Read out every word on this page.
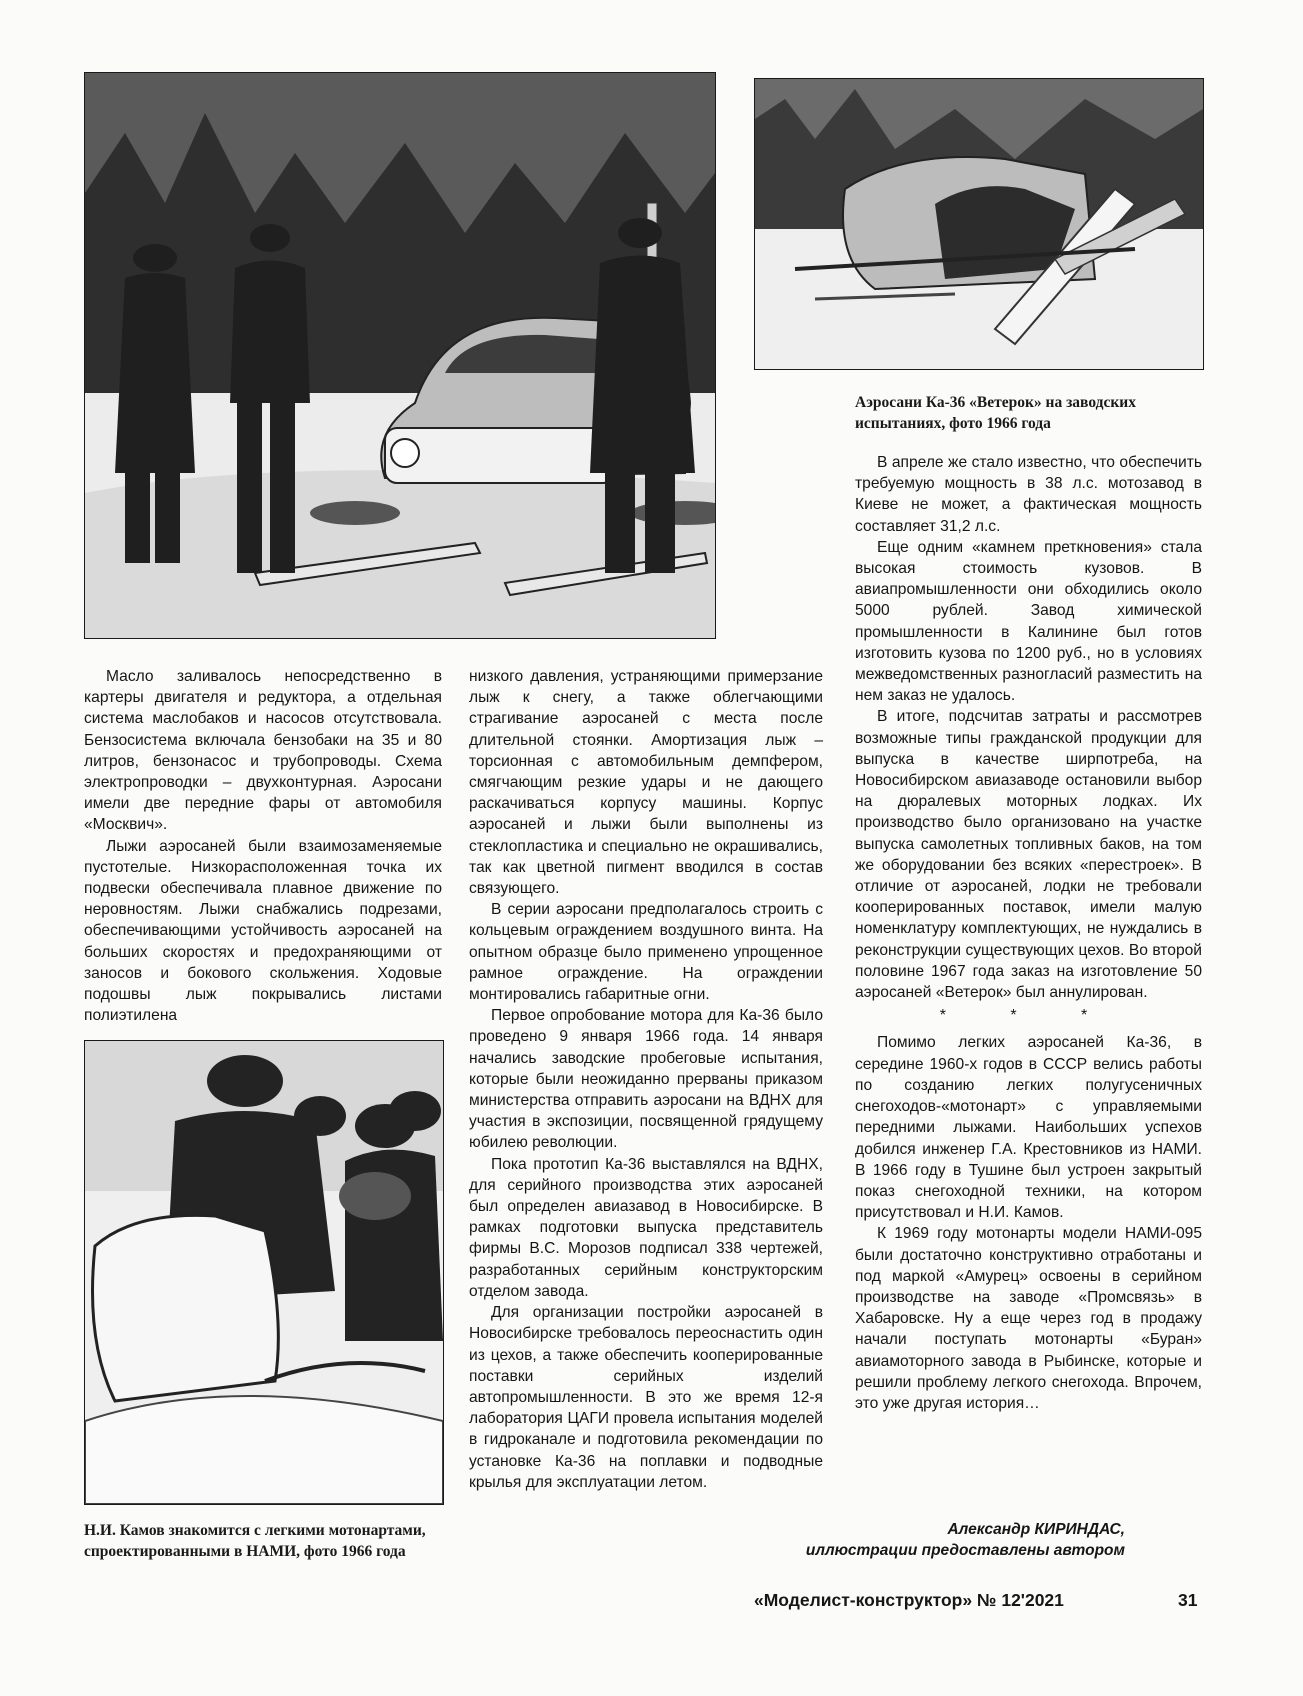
Аэросани Ка-36 «Ветерок» на заводских испытаниях, фото 1966 года
Н.И. Камов знакомится с легкими мотонартами, спроектированными в НАМИ, фото 1966 года

Масло заливалось непосредственно в картеры двигателя и редуктора, а отдельная система маслобаков и насосов отсутствовала. Бензосистема включала бензобаки на 35 и 80 литров, бензонасос и трубопроводы. Схема электропроводки – двухконтурная. Аэросани имели две передние фары от автомобиля «Москвич».

Лыжи аэросаней были взаимозаменяемые пустотелые. Низкорасположенная точка их подвески обеспечивала плавное движение по неровностям. Лыжи снабжались подрезами, обеспечивающими устойчивость аэросаней на больших скоростях и предохраняющими от заносов и бокового скольжения. Ходовые подошвы лыж покрывались листами полиэтилена

низкого давления, устраняющими примерзание лыж к снегу, а также облегчающими страгивание аэросаней с места после длительной стоянки. Амортизация лыж – торсионная с автомобильным демпфером, смягчающим резкие удары и не дающего раскачиваться корпусу машины. Корпус аэросаней и лыжи были выполнены из стеклопластика и специально не окрашивались, так как цветной пигмент вводился в состав связующего.

В серии аэросани предполагалось строить с кольцевым ограждением воздушного винта. На опытном образце было применено упрощенное рамное ограждение. На ограждении монтировались габаритные огни.

Первое опробование мотора для Ка-36 было проведено 9 января 1966 года. 14 января начались заводские пробеговые испытания, которые были неожиданно прерваны приказом министерства отправить аэросани на ВДНХ для участия в экспозиции, посвященной грядущему юбилею революции.

Пока прототип Ка-36 выставлялся на ВДНХ, для серийного производства этих аэросаней был определен авиазавод в Новосибирске. В рамках подготовки выпуска представитель фирмы В.С. Морозов подписал 338 чертежей, разработанных серийным конструкторским отделом завода.

Для организации постройки аэросаней в Новосибирске требовалось переоснастить один из цехов, а также обеспечить кооперированные поставки серийных изделий автопромышленности. В это же время 12-я лаборатория ЦАГИ провела испытания моделей в гидроканале и подготовила рекомендации по установке Ка-36 на поплавки и подводные крылья для эксплуатации летом.

В апреле же стало известно, что обеспечить требуемую мощность в 38 л.с. мотозавод в Киеве не может, а фактическая мощность составляет 31,2 л.с.

Еще одним «камнем преткновения» стала высокая стоимость кузовов. В авиапромышленности они обходились около 5000 рублей. Завод химической промышленности в Калинине был готов изготовить кузова по 1200 руб., но в условиях межведомственных разногласий разместить на нем заказ не удалось.

В итоге, подсчитав затраты и рассмотрев возможные типы гражданской продукции для выпуска в качестве ширпотреба, на Новосибирском авиазаводе остановили выбор на дюралевых моторных лодках. Их производство было организовано на участке выпуска самолетных топливных баков, на том же оборудовании без всяких «перестроек». В отличие от аэросаней, лодки не требовали кооперированных поставок, имели малую номенклатуру комплектующих, не нуждались в реконструкции существующих цехов. Во второй половине 1967 года заказ на изготовление 50 аэросаней «Ветерок» был аннулирован.

* * *

Помимо легких аэросаней Ка-36, в середине 1960-х годов в СССР велись работы по созданию легких полугусеничных снегоходов-«мотонарт» с управляемыми передними лыжами. Наибольших успехов добился инженер Г.А. Крестовников из НАМИ. В 1966 году в Тушине был устроен закрытый показ снегоходной техники, на котором присутствовал и Н.И. Камов.

К 1969 году мотонарты модели НАМИ-095 были достаточно конструктивно отработаны и под маркой «Амурец» освоены в серийном производстве на заводе «Промсвязь» в Хабаровске. Ну а еще через год в продажу начали поступать мотонарты «Буран» авиамоторного завода в Рыбинске, которые и решили проблему легкого снегохода. Впрочем, это уже другая история…

Александр КИРИНДАС,
иллюстрации предоставлены автором
«Моделист-конструктор» № 12'2021	31
